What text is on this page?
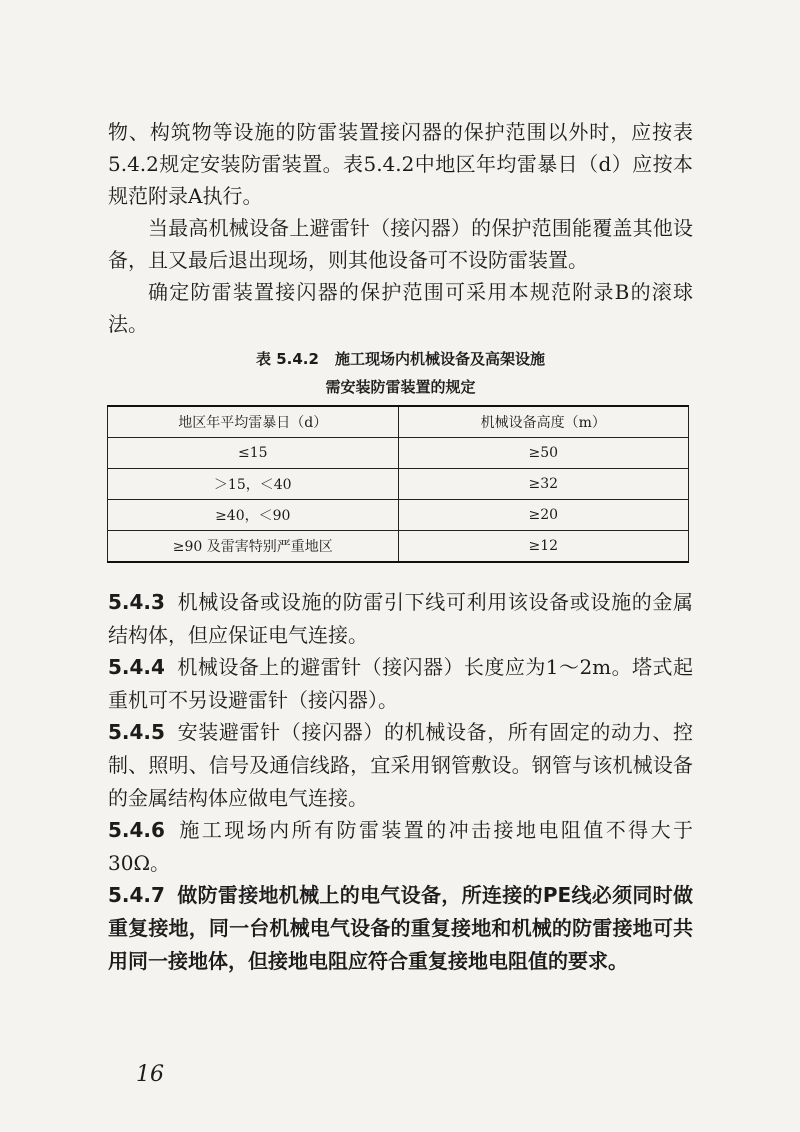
物、构筑物等设施的防雷装置接闪器的保护范围以外时，应按表5.4.2规定安装防雷装置。表5.4.2中地区年均雷暴日（d）应按本规范附录A执行。

当最高机械设备上避雷针（接闪器）的保护范围能覆盖其他设备，且又最后退出现场，则其他设备可不设防雷装置。

确定防雷装置接闪器的保护范围可采用本规范附录B的滚球法。

表 5.4.2 施工现场内机械设备及高架设施
需安装防雷装置的规定
地区年平均雷暴日（d）	机械设备高度（m）
≤15	≥50
＞15，＜40	≥32
≥40，＜90	≥20
≥90 及雷害特别严重地区	≥12

5.4.3 机械设备或设施的防雷引下线可利用该设备或设施的金属结构体，但应保证电气连接。

5.4.4 机械设备上的避雷针（接闪器）长度应为1～2m。塔式起重机可不另设避雷针（接闪器）。

5.4.5 安装避雷针（接闪器）的机械设备，所有固定的动力、控制、照明、信号及通信线路，宜采用钢管敷设。钢管与该机械设备的金属结构体应做电气连接。

5.4.6 施工现场内所有防雷装置的冲击接地电阻值不得大于30Ω。

5.4.7 做防雷接地机械上的电气设备，所连接的PE线必须同时做重复接地，同一台机械电气设备的重复接地和机械的防雷接地可共用同一接地体，但接地电阻应符合重复接地电阻值的要求。

16
